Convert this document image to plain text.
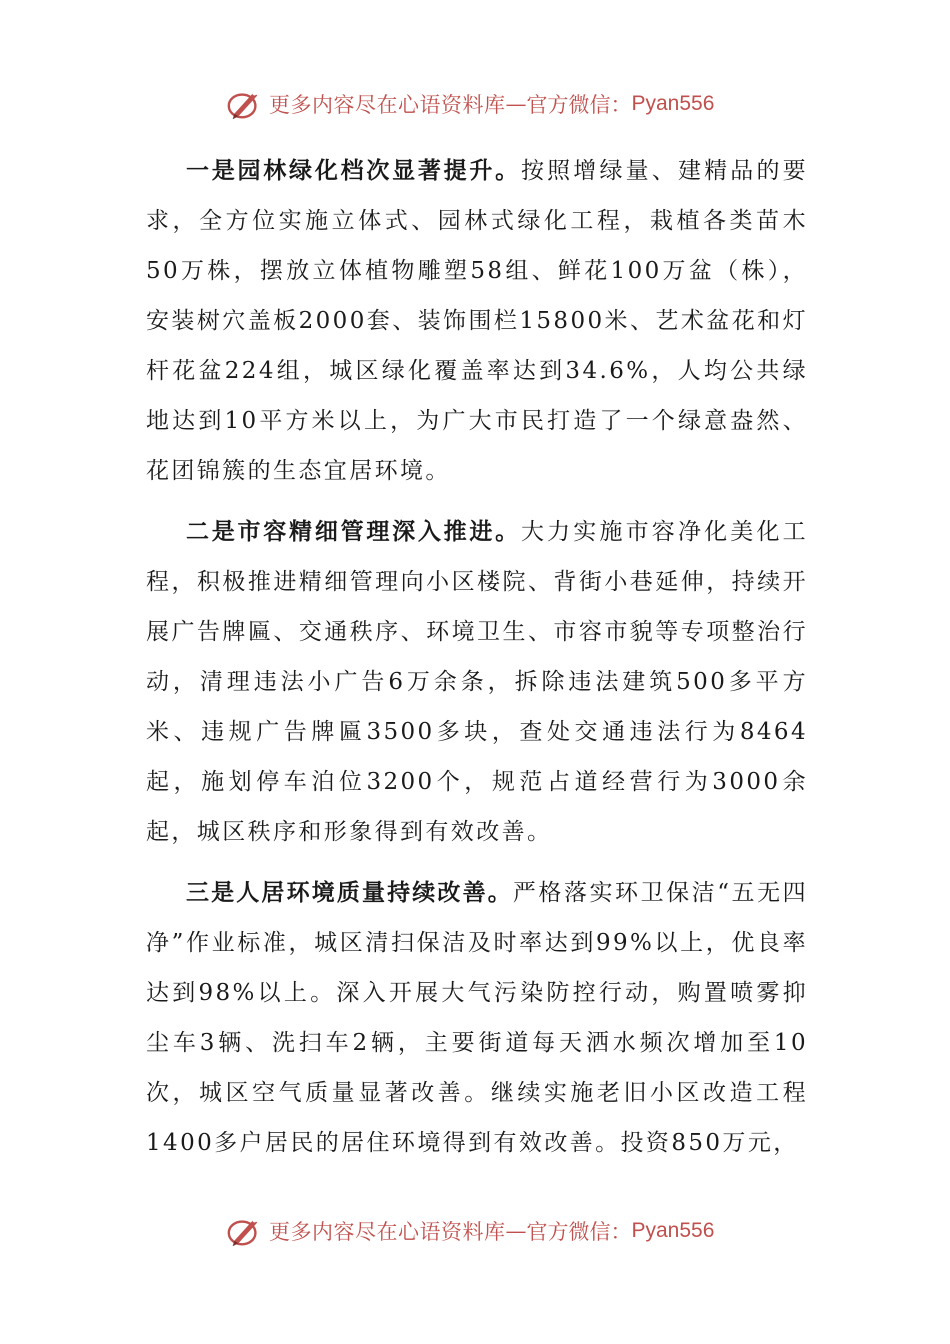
更多内容尽在心语资料库 — 官方微信： Pyan556

一是园林绿化档次显著提升。按照增绿量、建精品的要求，全方位实施立体式、园林式绿化工程，栽植各类苗木50万株，摆放立体植物雕塑58组、鲜花100万盆（株），安装树穴盖板2000套、装饰围栏15800米、艺术盆花和灯杆花盆224组，城区绿化覆盖率达到34.6%，人均公共绿地达到10平方米以上，为广大市民打造了一个绿意盎然、花团锦簇的生态宜居环境。

二是市容精细管理深入推进。大力实施市容净化美化工程，积极推进精细管理向小区楼院、背街小巷延伸，持续开展广告牌匾、交通秩序、环境卫生、市容市貌等专项整治行动，清理违法小广告6万余条，拆除违法建筑500多平方米、违规广告牌匾3500多块，查处交通违法行为8464起，施划停车泊位3200个，规范占道经营行为3000余起，城区秩序和形象得到有效改善。

三是人居环境质量持续改善。严格落实环卫保洁“五无四净”作业标准，城区清扫保洁及时率达到99%以上，优良率达到98%以上。深入开展大气污染防控行动，购置喷雾抑尘车3辆、洗扫车2辆，主要街道每天洒水频次增加至10次，城区空气质量显著改善。继续实施老旧小区改造工程1400多户居民的居住环境得到有效改善。投资850万元，

更多内容尽在心语资料库 — 官方微信： Pyan556
